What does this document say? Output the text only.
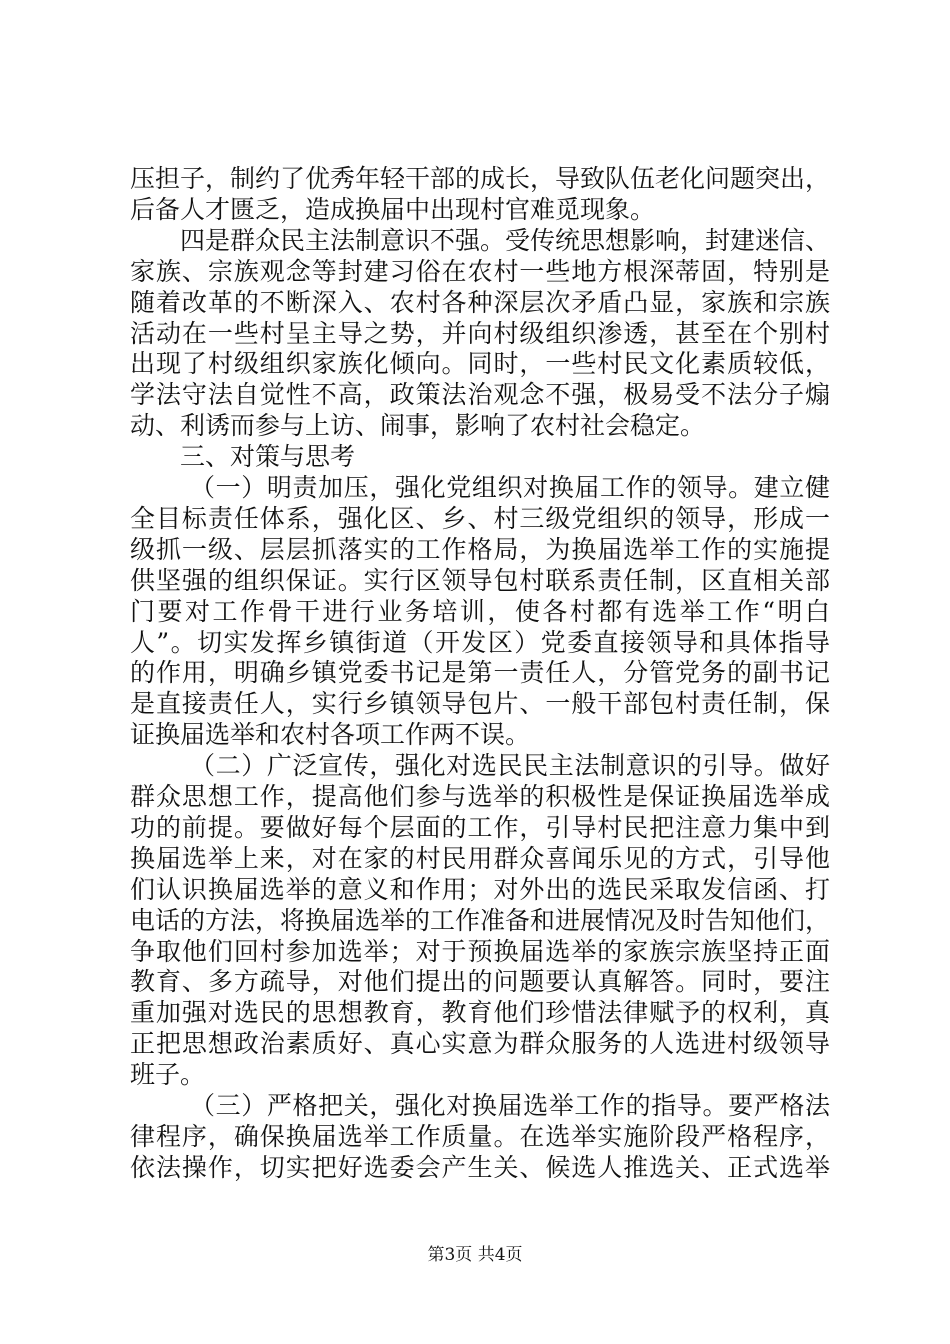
压担子，制约了优秀年轻干部的成长，导致队伍老化问题突出，
后备人才匮乏，造成换届中出现村官难觅现象。
四是群众民主法制意识不强。受传统思想影响，封建迷信、
家族、宗族观念等封建习俗在农村一些地方根深蒂固，特别是
随着改革的不断深入、农村各种深层次矛盾凸显，家族和宗族
活动在一些村呈主导之势，并向村级组织渗透，甚至在个别村
出现了村级组织家族化倾向。同时，一些村民文化素质较低，
学法守法自觉性不高，政策法治观念不强，极易受不法分子煽
动、利诱而参与上访、闹事，影响了农村社会稳定。
三、对策与思考
（一）明责加压，强化党组织对换届工作的领导。建立健
全目标责任体系，强化区、乡、村三级党组织的领导，形成一
级抓一级、层层抓落实的工作格局，为换届选举工作的实施提
供坚强的组织保证。实行区领导包村联系责任制，区直相关部
门要对工作骨干进行业务培训，使各村都有选举工作“明白
人”。切实发挥乡镇街道（开发区）党委直接领导和具体指导
的作用，明确乡镇党委书记是第一责任人，分管党务的副书记
是直接责任人，实行乡镇领导包片、一般干部包村责任制，保
证换届选举和农村各项工作两不误。
（二）广泛宣传，强化对选民民主法制意识的引导。做好
群众思想工作，提高他们参与选举的积极性是保证换届选举成
功的前提。要做好每个层面的工作，引导村民把注意力集中到
换届选举上来，对在家的村民用群众喜闻乐见的方式，引导他
们认识换届选举的意义和作用；对外出的选民采取发信函、打
电话的方法，将换届选举的工作准备和进展情况及时告知他们，
争取他们回村参加选举；对于预换届选举的家族宗族坚持正面
教育、多方疏导，对他们提出的问题要认真解答。同时，要注
重加强对选民的思想教育，教育他们珍惜法律赋予的权利，真
正把思想政治素质好、真心实意为群众服务的人选进村级领导
班子。
（三）严格把关，强化对换届选举工作的指导。要严格法
律程序，确保换届选举工作质量。在选举实施阶段严格程序，
依法操作，切实把好选委会产生关、候选人推选关、正式选举
第3页 共4页
